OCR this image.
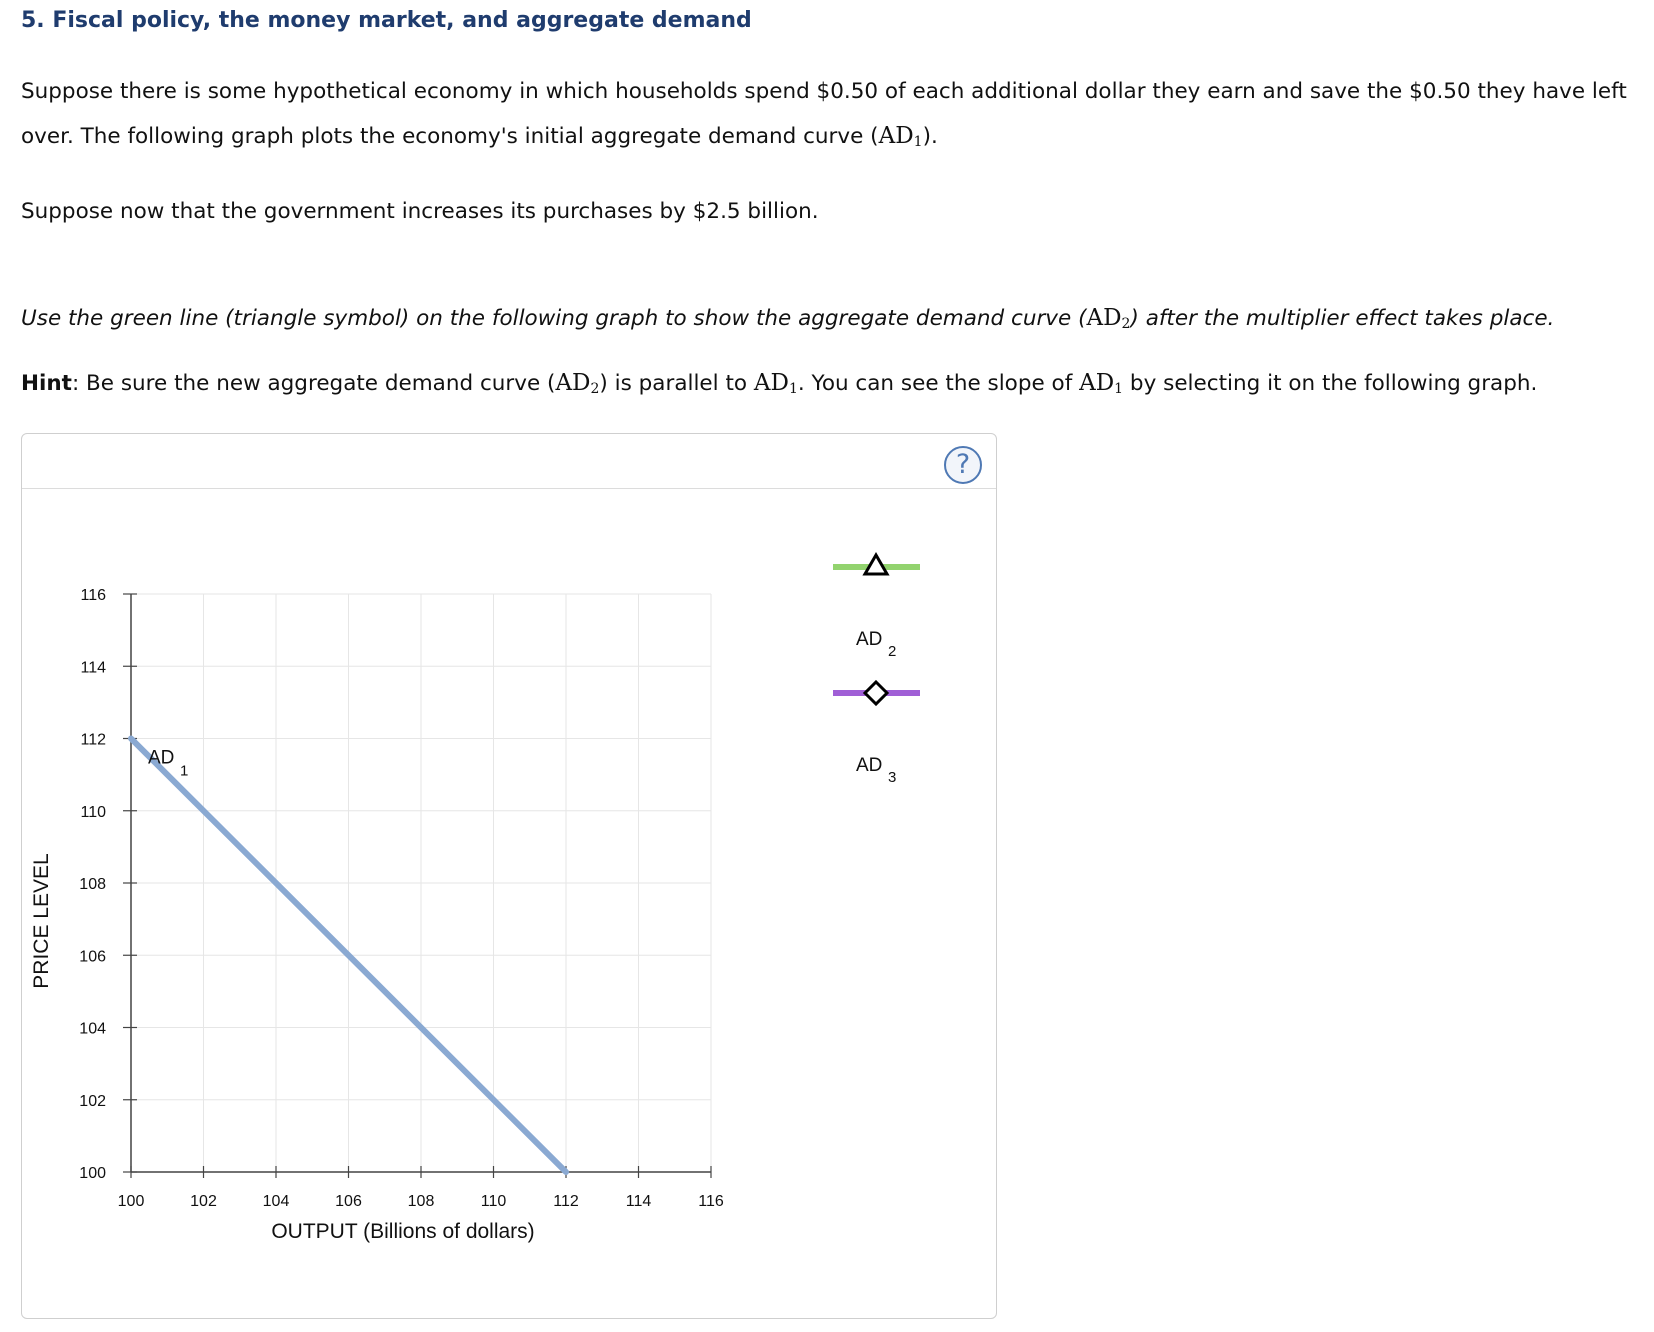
5. Fiscal policy, the money market, and aggregate demand
Suppose there is some hypothetical economy in which households spend $0.50 of each additional dollar they earn and save the $0.50 they have left over. The following graph plots the economy's initial aggregate demand curve $(AD_1)$.
Suppose now that the government increases its purchases by $2.5 billion.
Use the green line (triangle symbol) on the following graph to show the aggregate demand curve $(AD_2)$ after the multiplier effect takes place.
Hint: Be sure the new aggregate demand curve $(AD_2)$ is parallel to $AD_1$. You can see the slope of $AD_1$ by selecting it on the following graph.
?
100	102	104	106	108	110	112	114	116
100
102
104
106
108
110
112
114
116
AD
1
AD
2
AD
3
OUTPUT (Billions of dollars)
PRICE LEVEL
